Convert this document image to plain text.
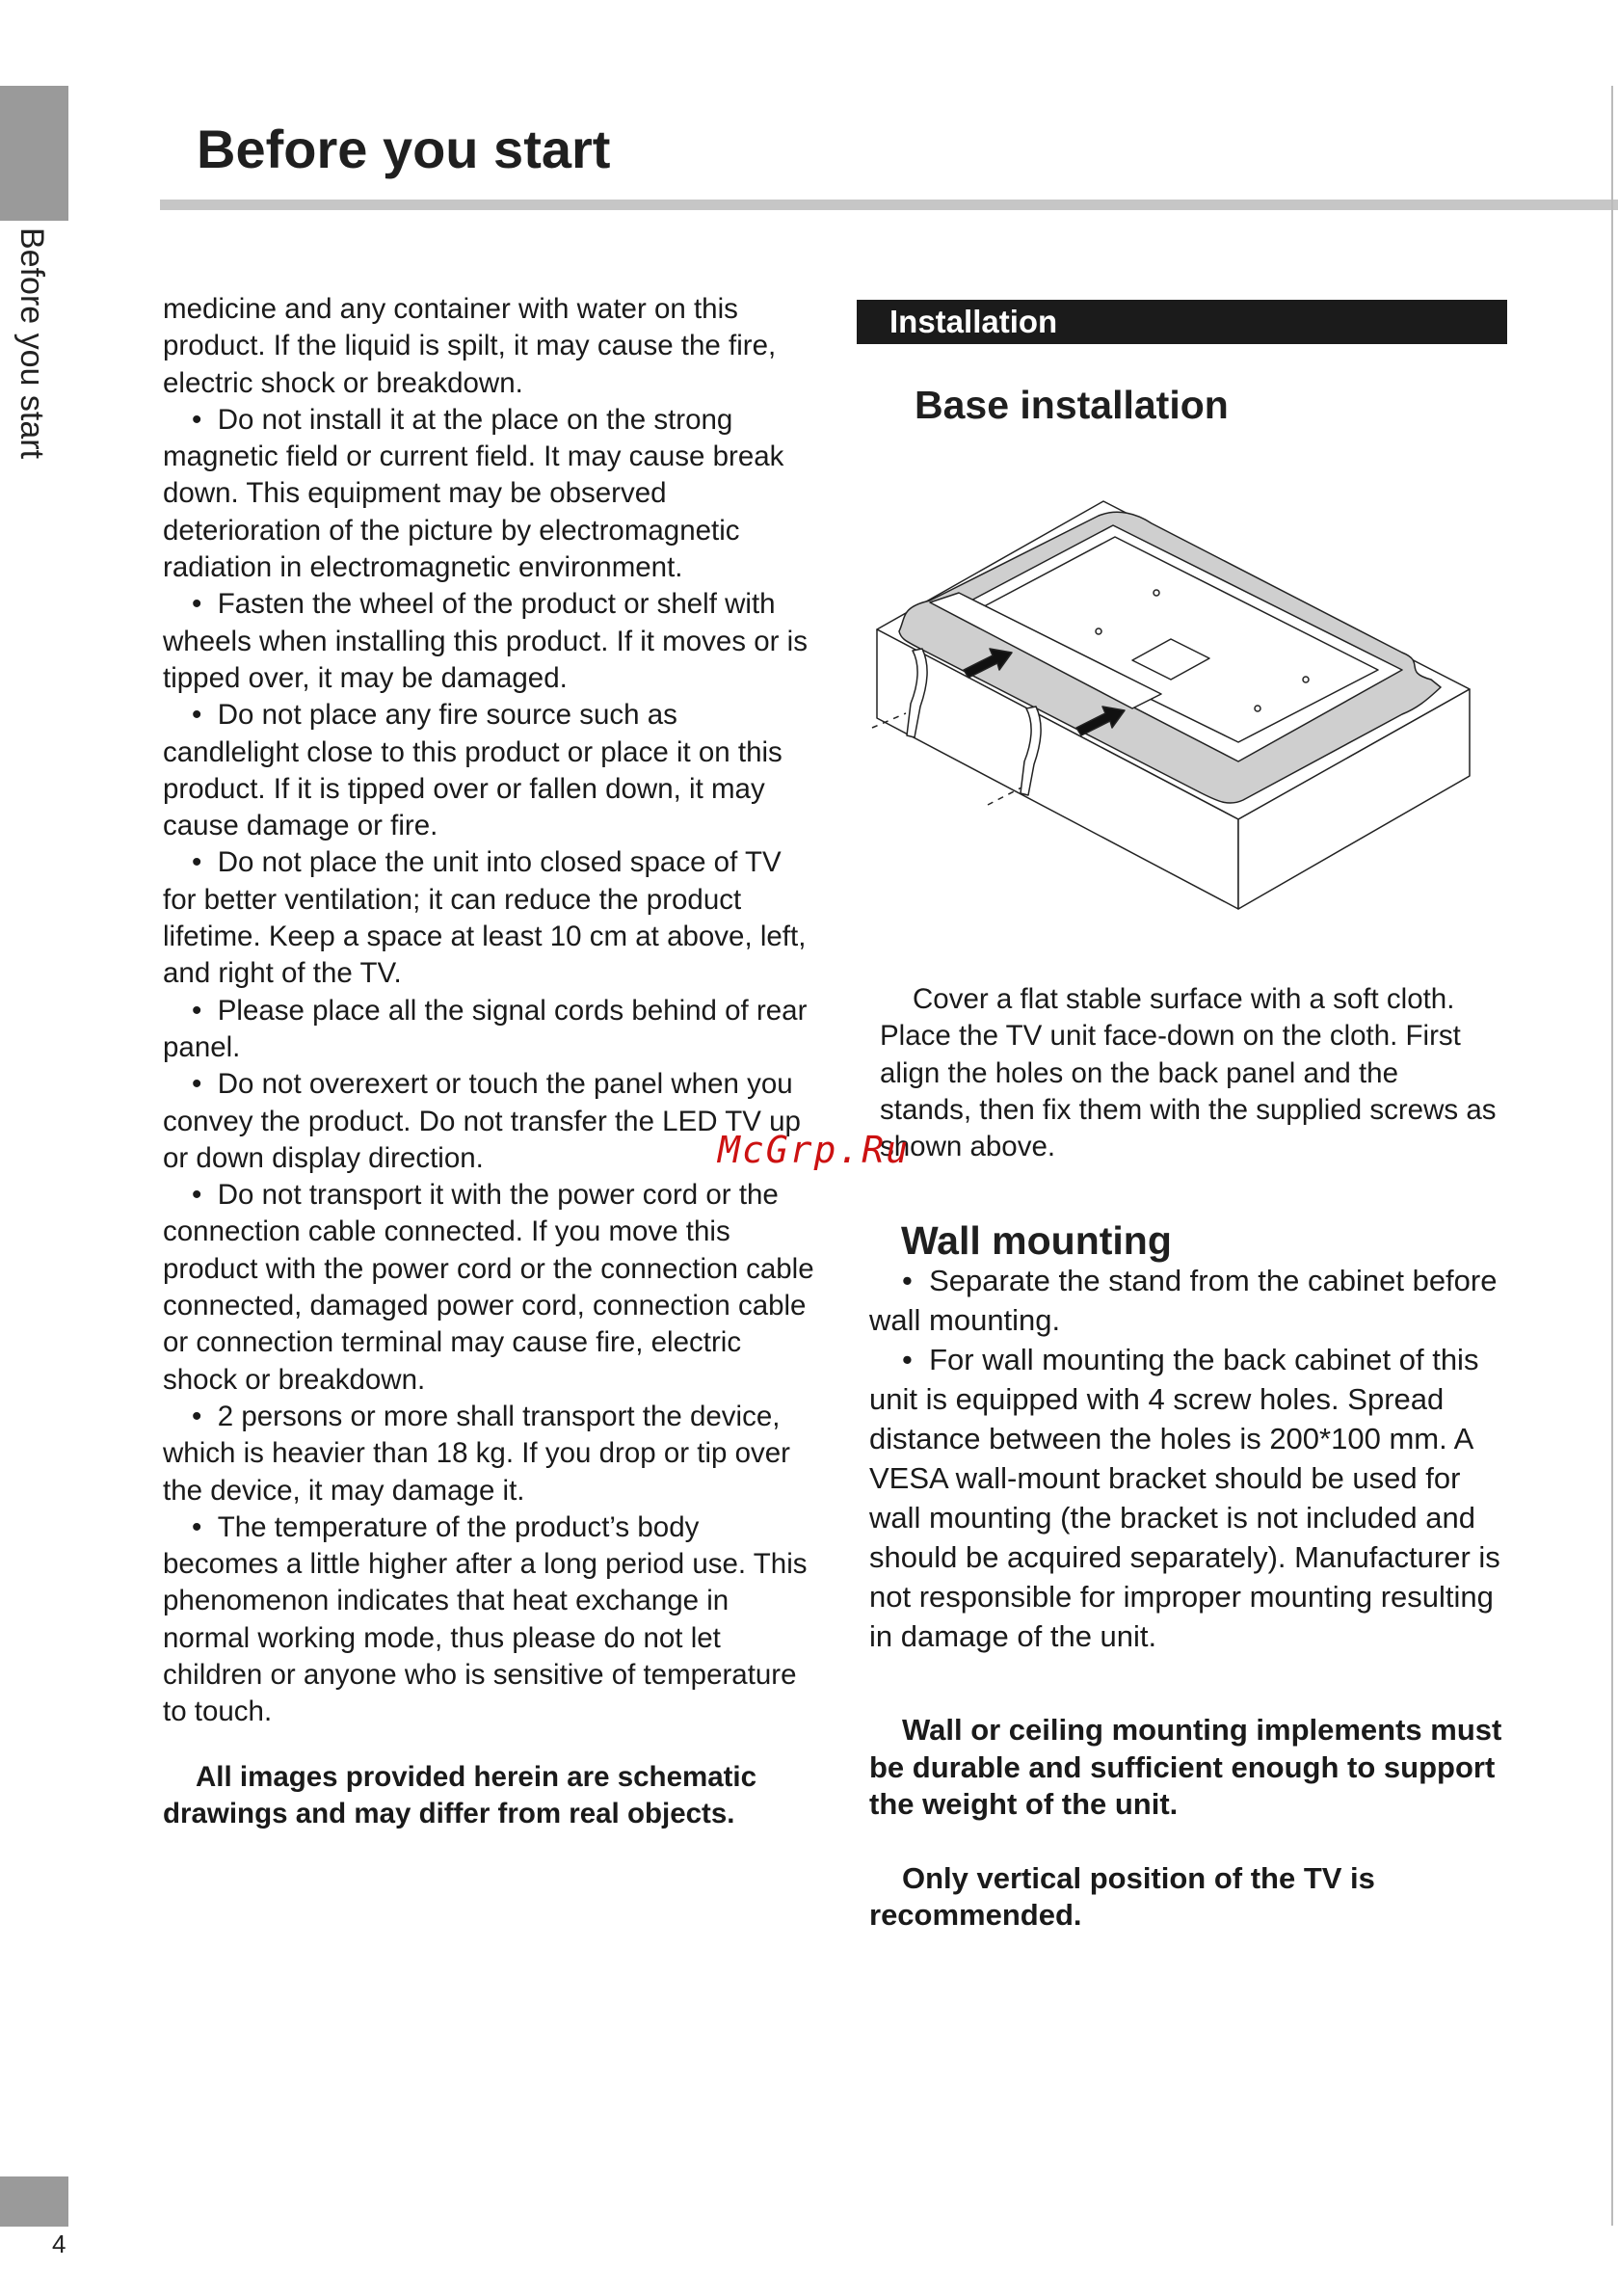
Before you start
Before you start

medicine and any container with water on this product. If the liquid is spilt, it may cause the fire, electric shock or breakdown.

•  Do not install it at the place on the strong magnetic field or current field. It may cause break down. This equipment may be observed deterioration of the picture by electromagnetic radiation in electromagnetic environment.

•  Fasten the wheel of the product or shelf with wheels when installing this product. If it moves or is tipped over, it may be damaged.

•  Do not place any fire source such as candlelight close to this product or place it on this product. If it is tipped over or fallen down, it may cause damage or fire.

•  Do not place the unit into closed space of TV for better ventilation; it can reduce the product lifetime. Keep a space at least 10 cm at above, left, and right of the TV.

•  Please place all the signal cords behind of rear panel.

•  Do not overexert or touch the panel when you convey the product. Do not transfer the LED TV up or down display direction.

•  Do not transport it with the power cord or the connection cable connected. If you move this product with the power cord or the connection cable connected, damaged power cord, connection cable or connection terminal may cause fire, electric shock or breakdown.

•  2 persons or more shall transport the device, which is heavier than 18 kg. If you drop or tip over the device, it may damage it.

•  The temperature of the product’s body becomes a little higher after a long period use. This phenomenon indicates that heat exchange in normal working mode, thus please do not let children or anyone who is sensitive of temperature to touch.

All images provided herein are schematic drawings and may differ from real objects.

Installation
Base installation

Cover a flat stable surface with a soft cloth. Place the TV unit face-down on the cloth. First align the holes on the back panel and the stands, then fix them with the supplied screws as shown above.

McGrp.Ru
Wall mounting

•  Separate the stand from the cabinet before wall mounting.

•  For wall mounting the back cabinet of this unit is equipped with 4 screw holes. Spread distance between the holes is 200*100 mm. A VESA wall-mount bracket should be used for wall mounting (the bracket is not included and should be acquired separately). Manufacturer is not responsible for improper mounting resulting in damage of the unit.

Wall or ceiling mounting implements must be durable and sufficient enough to support the weight of the unit.

Only vertical position of the TV is recommended.

4
